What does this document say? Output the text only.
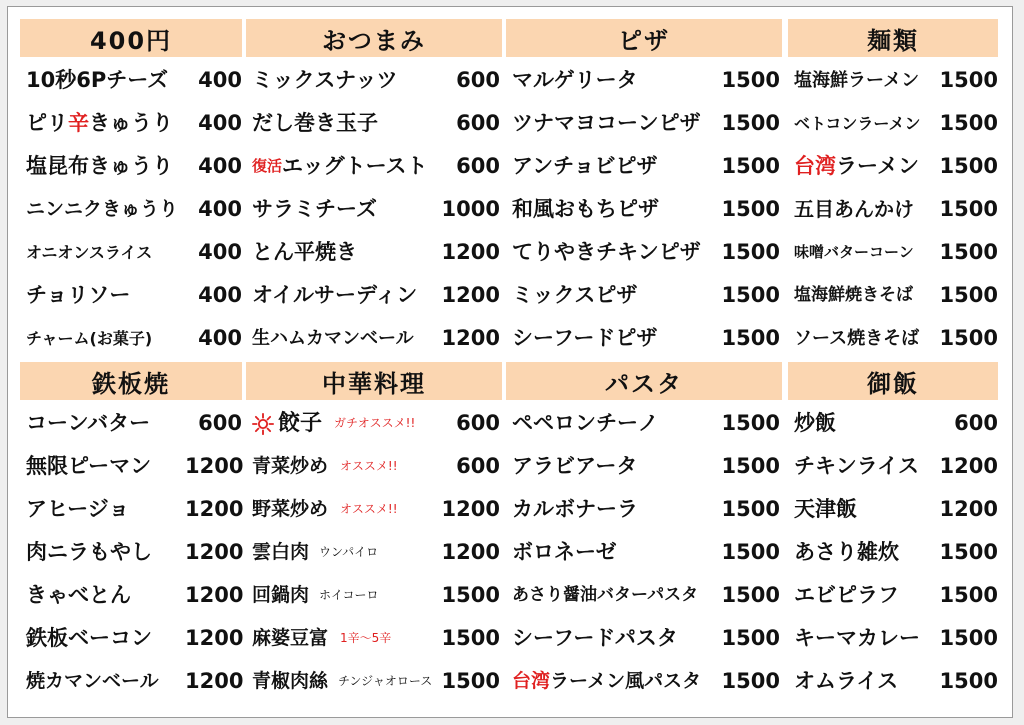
400円
10秒6Pチーズ	400
ピリ 辛 きゅうり	400
塩昆布きゅうり	400
ニンニクきゅうり 400
オニオンスライス	400
チョリソー	400
チャーム(お菓子)	400
おつまみ
ミックスナッツ	600
だし巻き玉子	600
復活 エッグトースト	600
サラミチーズ	1000
とん平焼き	1200
オイルサーディン 1200
生ハムカマンベール 1200
ピザ
マルゲリータ	1500
ツナマヨコーンピザ 1500
アンチョビピザ	1500
和風おもちピザ	1500
てりやきチキンピザ 1500
ミックスピザ	1500
シーフードピザ	1500
麺類
塩海鮮ラーメン 1500
ベトコンラーメン 1500
台湾 ラーメン 1500
五目あんかけ 1500
味噌バターコーン 1500
塩海鮮焼きそば 1500
ソース焼きそば 1500
鉄板焼
コーンバター	600
無限ピーマン 1200
アヒージョ	1200
肉ニラもやし 1200
きゃべとん	1200
鉄板ベーコン 1200
焼カマンベール 1200
中華料理
餃子 ガチオススメ!!	600
青菜炒め オススメ!!	600
野菜炒め オススメ!! 1200
雲白肉 ウンパイロ	1200
回鍋肉 ホイコーロ	1500
麻婆豆富 1辛〜5辛 1500
青椒肉絲 チンジャオロース 1500
パスタ
ペペロンチーノ	1500
アラビアータ	1500
カルボナーラ	1500
ボロネーゼ	1500
あさり醤油バターパスタ 1500
シーフードパスタ 1500
台湾 ラーメン風パスタ 1500
御飯
炒飯	600
チキンライス 1200
天津飯	1200
あさり雑炊 1500
エビピラフ 1500
キーマカレー 1500
オムライス 1500
